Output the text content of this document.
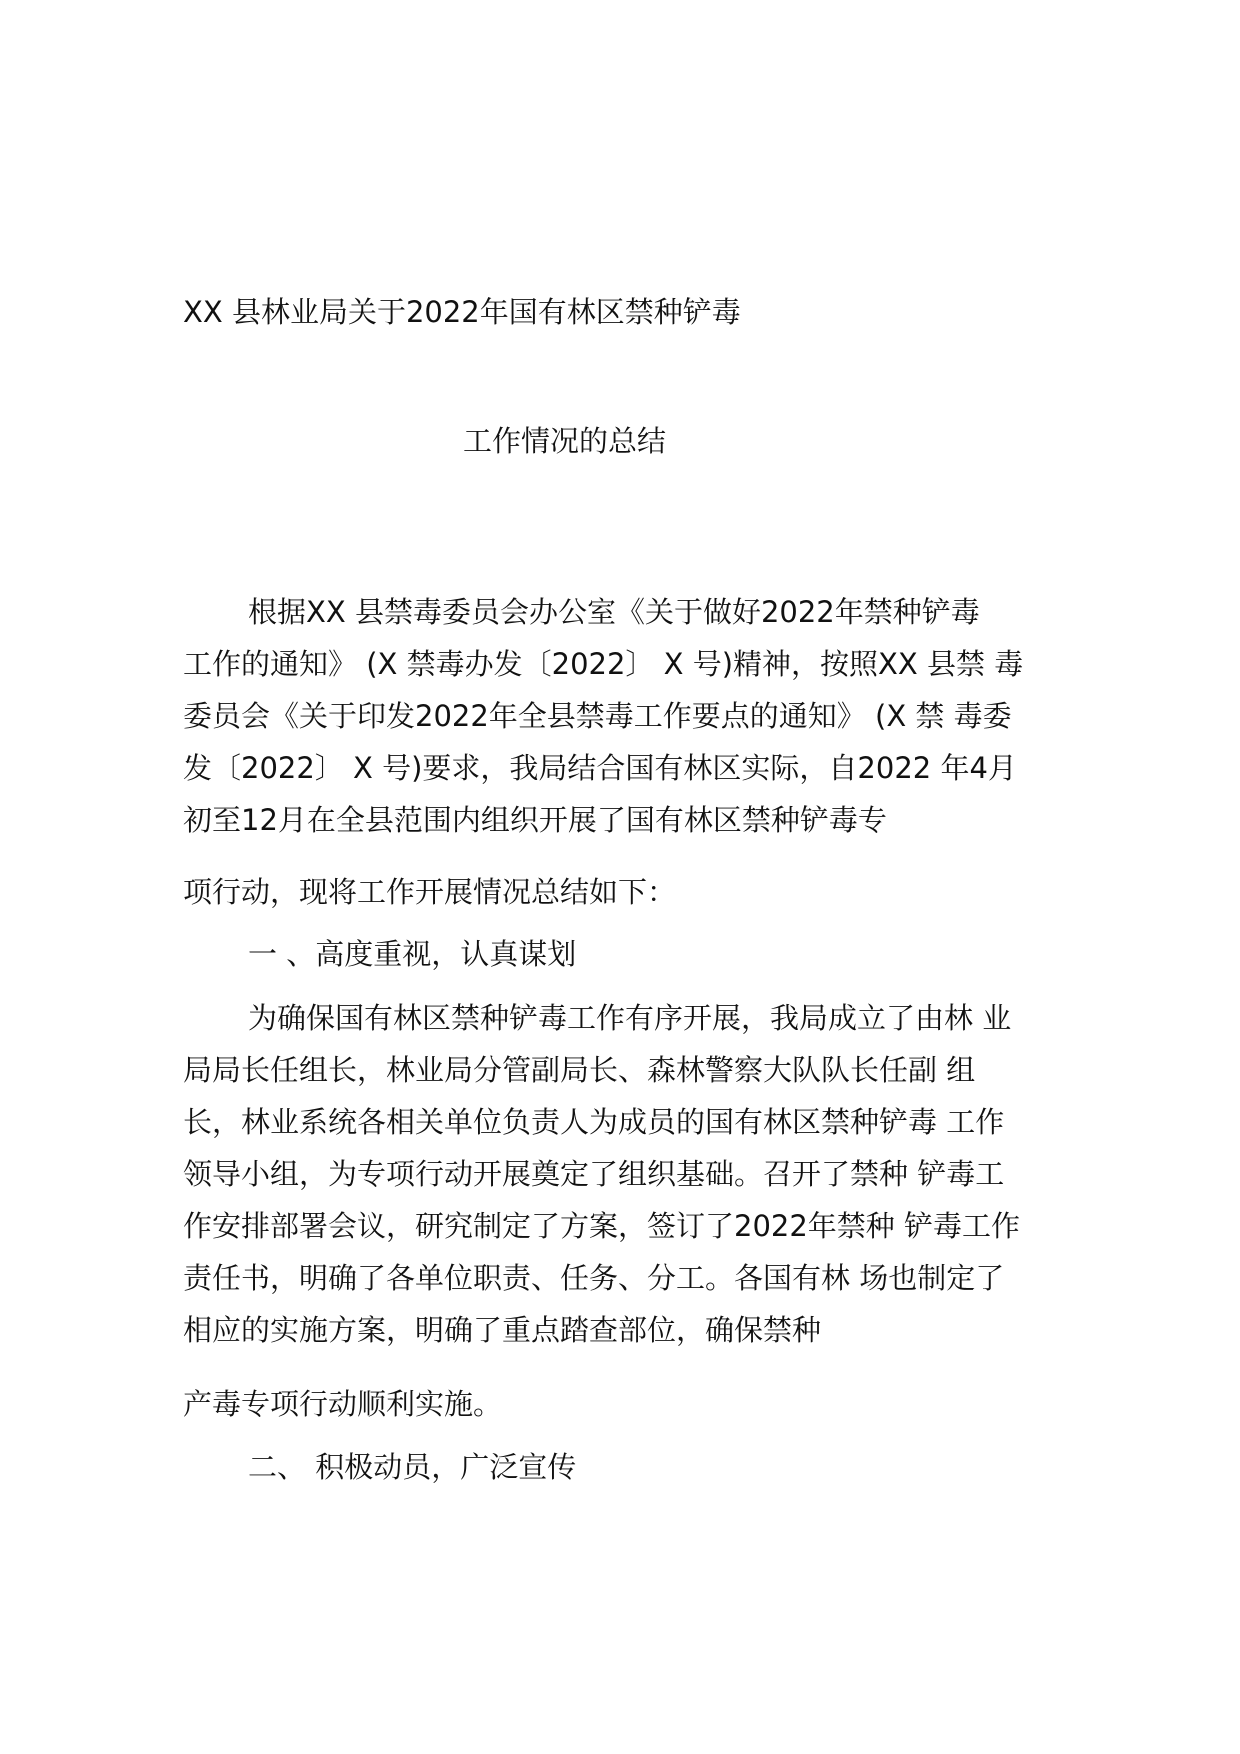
XX 县林业局关于2022年国有林区禁种铲毒
工作情况的总结
根据XX 县禁毒委员会办公室《关于做好2022年禁种铲毒
工作的通知》 (X 禁毒办发〔2022〕 X 号)精神，按照XX 县禁 毒
委员会《关于印发2022年全县禁毒工作要点的通知》 (X 禁 毒委
发〔2022〕 X 号)要求，我局结合国有林区实际，自2022 年4月
初至12月在全县范围内组织开展了国有林区禁种铲毒专
项行动，现将工作开展情况总结如下：
一 、高度重视，认真谋划
为确保国有林区禁种铲毒工作有序开展，我局成立了由林 业
局局长任组长，林业局分管副局长、森林警察大队队长任副 组
长，林业系统各相关单位负责人为成员的国有林区禁种铲毒 工作
领导小组，为专项行动开展奠定了组织基础。召开了禁种 铲毒工
作安排部署会议，研究制定了方案，签订了2022年禁种 铲毒工作
责任书，明确了各单位职责、任务、分工。各国有林 场也制定了
相应的实施方案，明确了重点踏查部位，确保禁种
产毒专项行动顺利实施。
二、 积极动员，广泛宣传
